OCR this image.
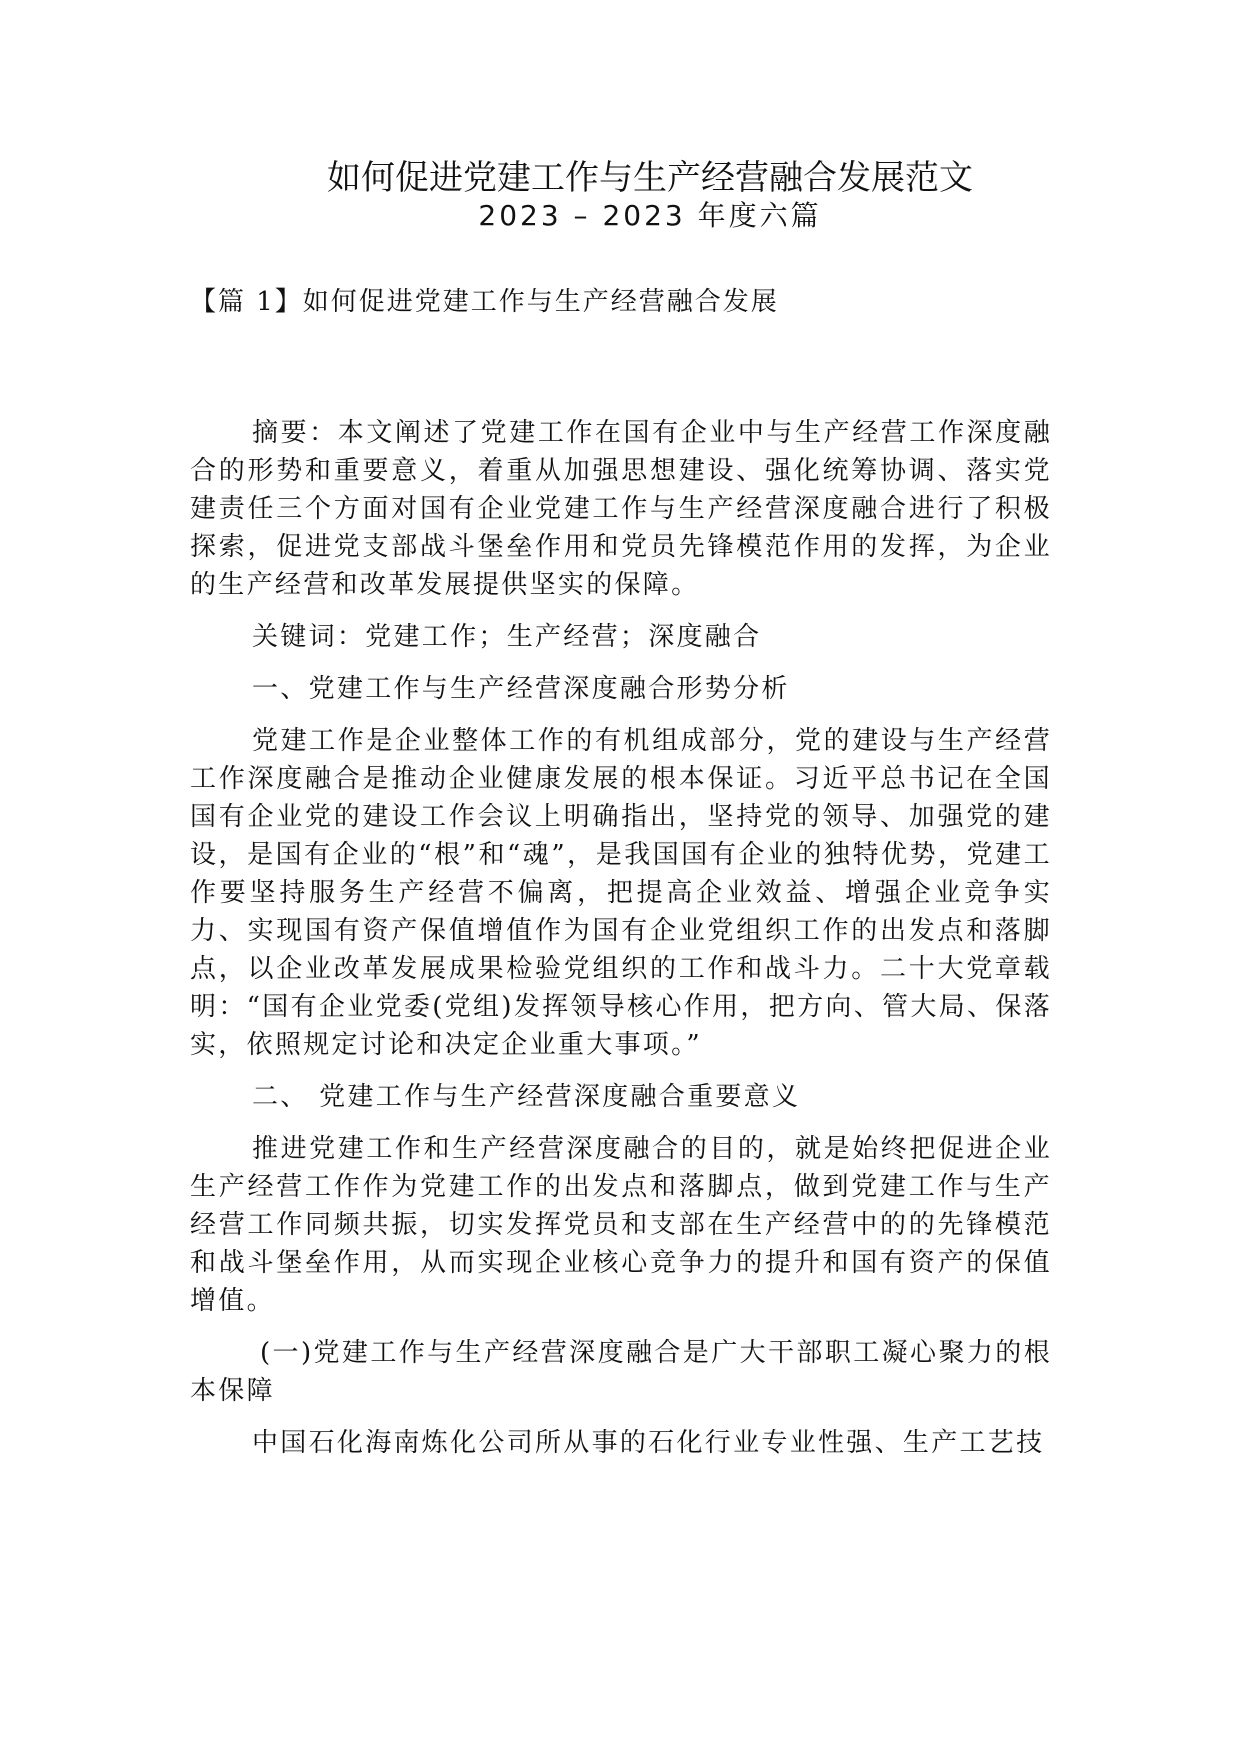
如何促进党建工作与生产经营融合发展范文
2023 – 2023 年度六篇
【篇 1】如何促进党建工作与生产经营融合发展

摘要：本文阐述了党建工作在国有企业中与生产经营工作深度融合的形势和重要意义，着重从加强思想建设、强化统筹协调、落实党建责任三个方面对国有企业党建工作与生产经营深度融合进行了积极探索，促进党支部战斗堡垒作用和党员先锋模范作用的发挥，为企业的生产经营和改革发展提供坚实的保障。

关键词：党建工作；生产经营；深度融合

一、党建工作与生产经营深度融合形势分析

党建工作是企业整体工作的有机组成部分，党的建设与生产经营工作深度融合是推动企业健康发展的根本保证。习近平总书记在全国国有企业党的建设工作会议上明确指出，坚持党的领导、加强党的建设，是国有企业的“根”和“魂”，是我国国有企业的独特优势，党建工作要坚持服务生产经营不偏离，把提高企业效益、增强企业竞争实力、实现国有资产保值增值作为国有企业党组织工作的出发点和落脚点，以企业改革发展成果检验党组织的工作和战斗力。二十大党章载明：“国有企业党委(党组)发挥领导核心作用，把方向、管大局、保落实，依照规定讨论和决定企业重大事项。”

二、 党建工作与生产经营深度融合重要意义

推进党建工作和生产经营深度融合的目的，就是始终把促进企业生产经营工作作为党建工作的出发点和落脚点，做到党建工作与生产经营工作同频共振，切实发挥党员和支部在生产经营中的的先锋模范和战斗堡垒作用，从而实现企业核心竞争力的提升和国有资产的保值增值。

(一)党建工作与生产经营深度融合是广大干部职工凝心聚力的根本保障

中国石化海南炼化公司所从事的石化行业专业性强、生产工艺技
